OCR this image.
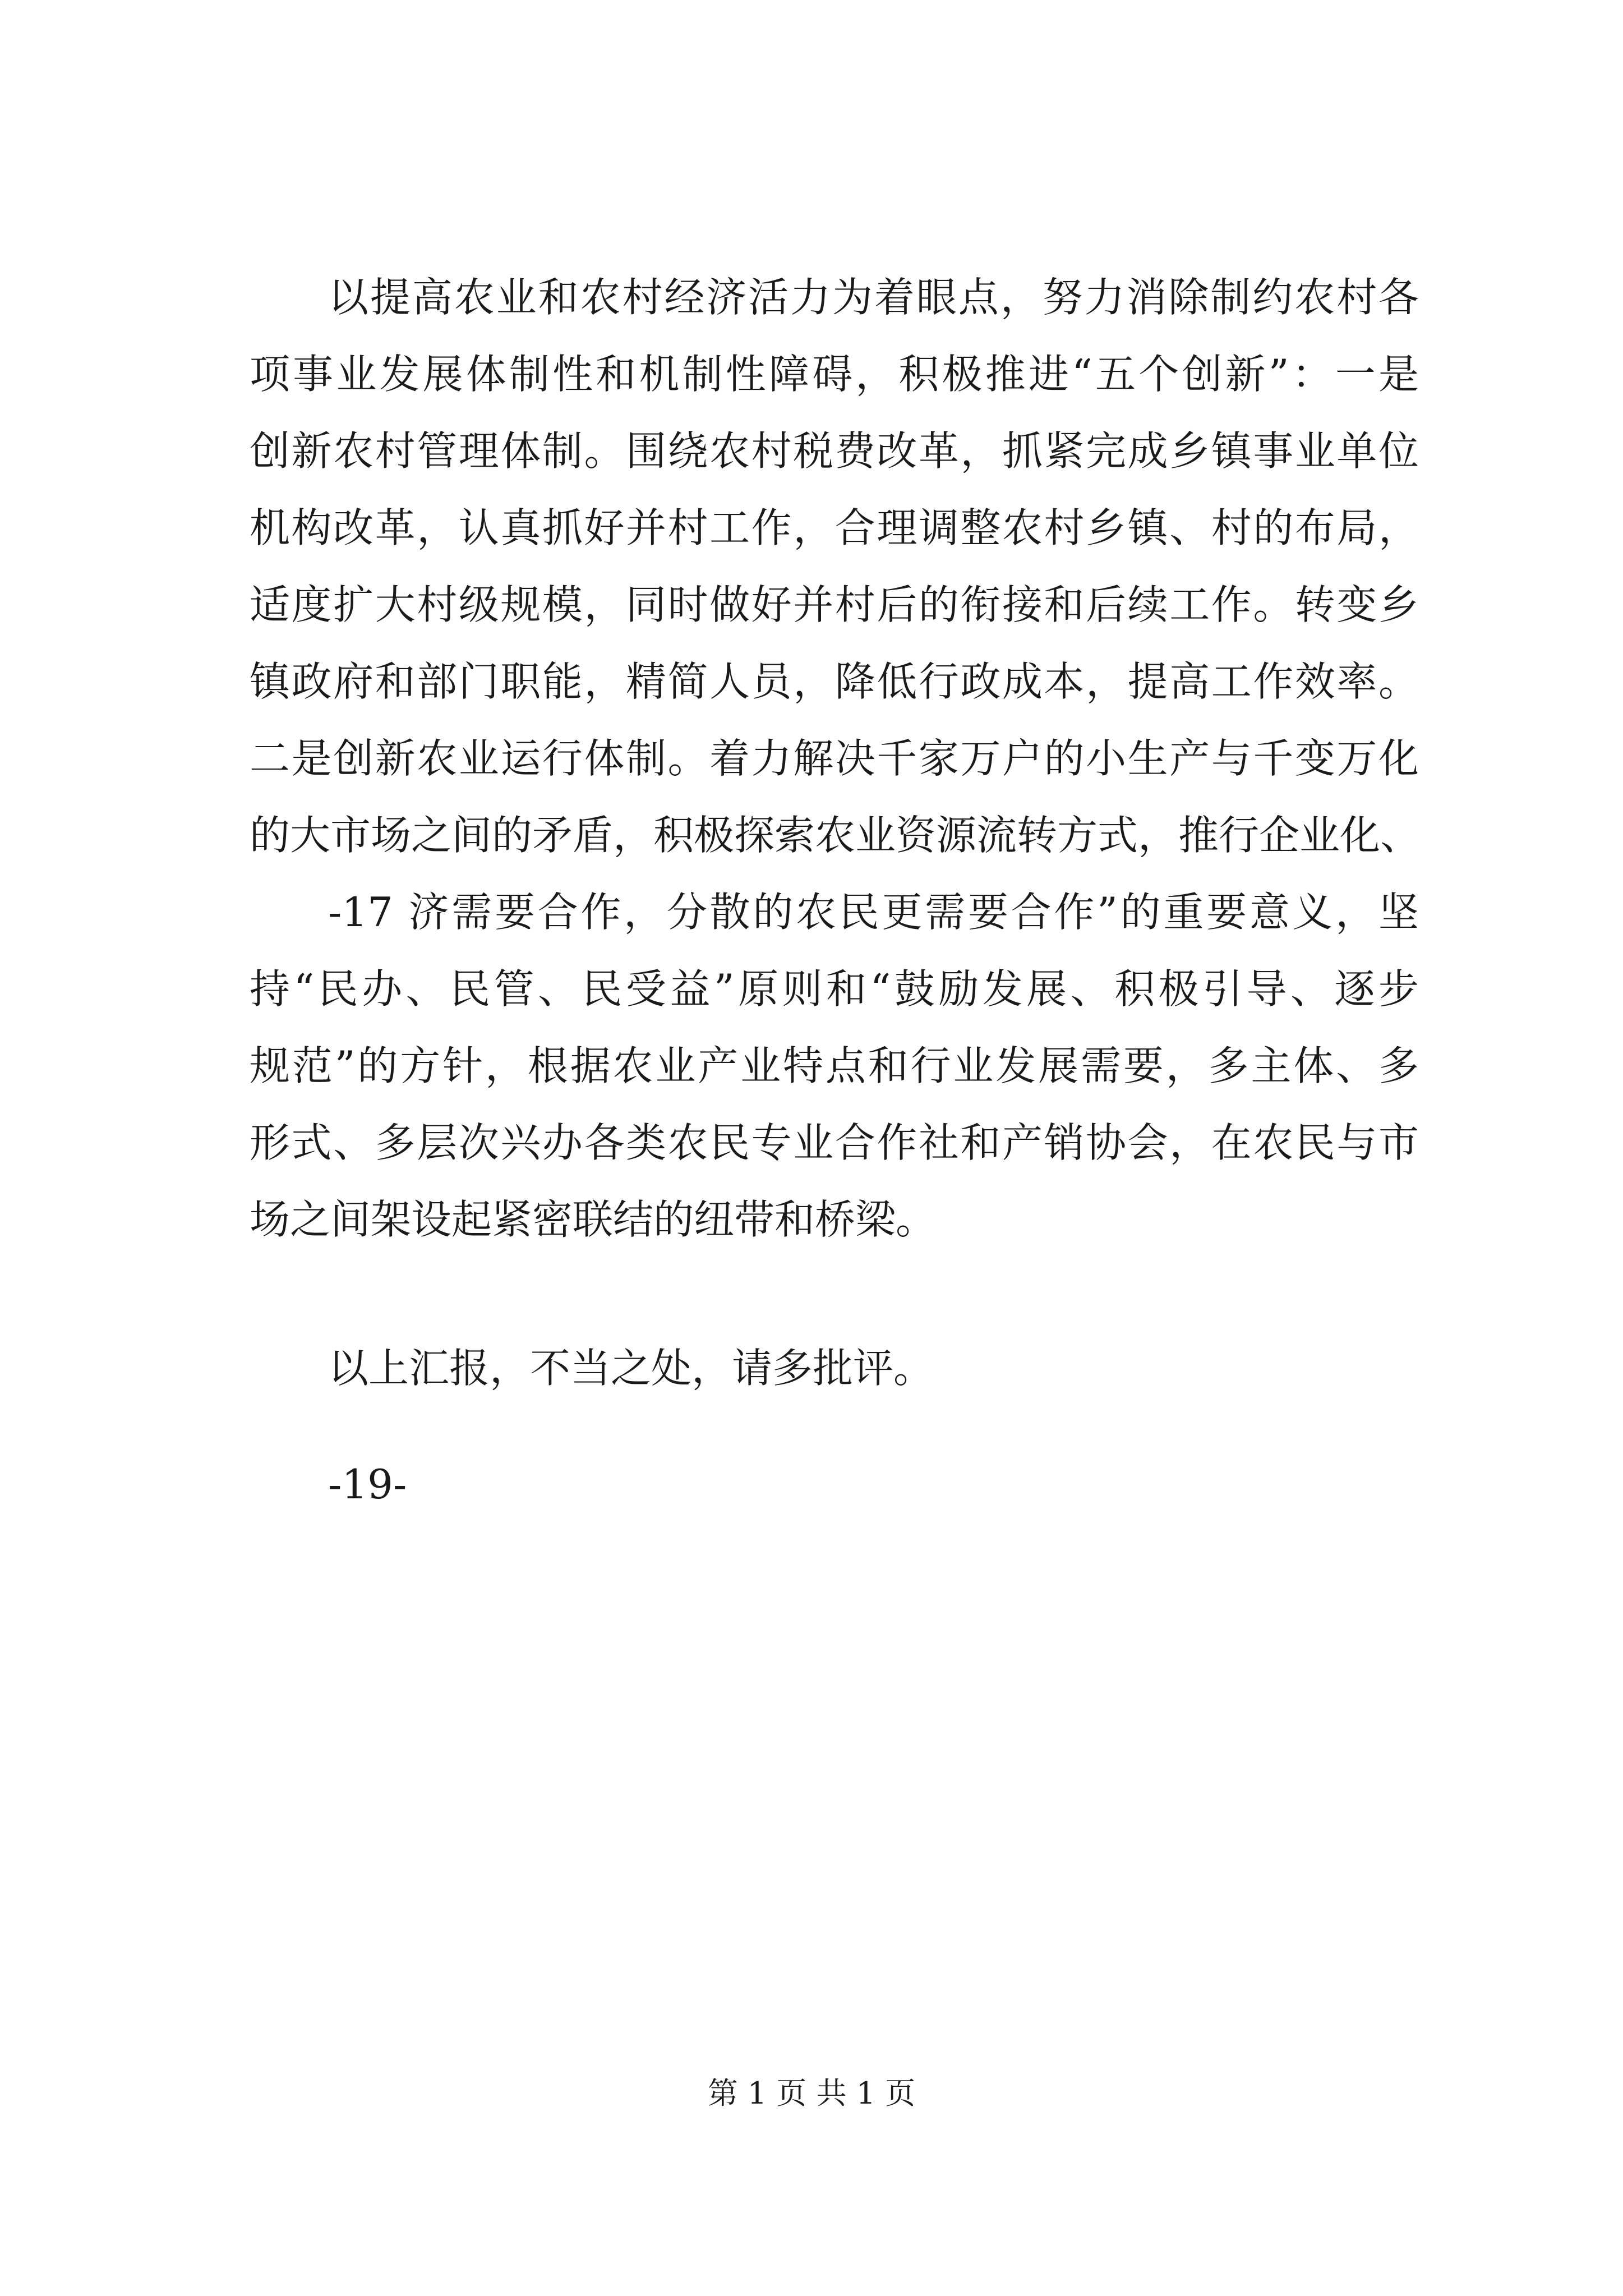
以提高农业和农村经济活力为着眼点，努力消除制约农村各
项事业发展体制性和机制性障碍，积极推进“五个创新”：一是
创新农村管理体制。围绕农村税费改革，抓紧完成乡镇事业单位
机构改革，认真抓好并村工作，合理调整农村乡镇、村的布局，
适度扩大村级规模，同时做好并村后的衔接和后续工作。转变乡
镇政府和部门职能，精简人员，降低行政成本，提高工作效率。
二是创新农业运行体制。着力解决千家万户的小生产与千变万化
的大市场之间的矛盾，积极探索农业资源流转方式，推行企业化、
-17 济需要合作，分散的农民更需要合作”的重要意义，坚
持“民办、民管、民受益”原则和“鼓励发展、积极引导、逐步
规范”的方针，根据农业产业特点和行业发展需要，多主体、多
形式、多层次兴办各类农民专业合作社和产销协会，在农民与市
场之间架设起紧密联结的纽带和桥梁。
以上汇报，不当之处，请多批评。
-19-
第 1 页 共 1 页
